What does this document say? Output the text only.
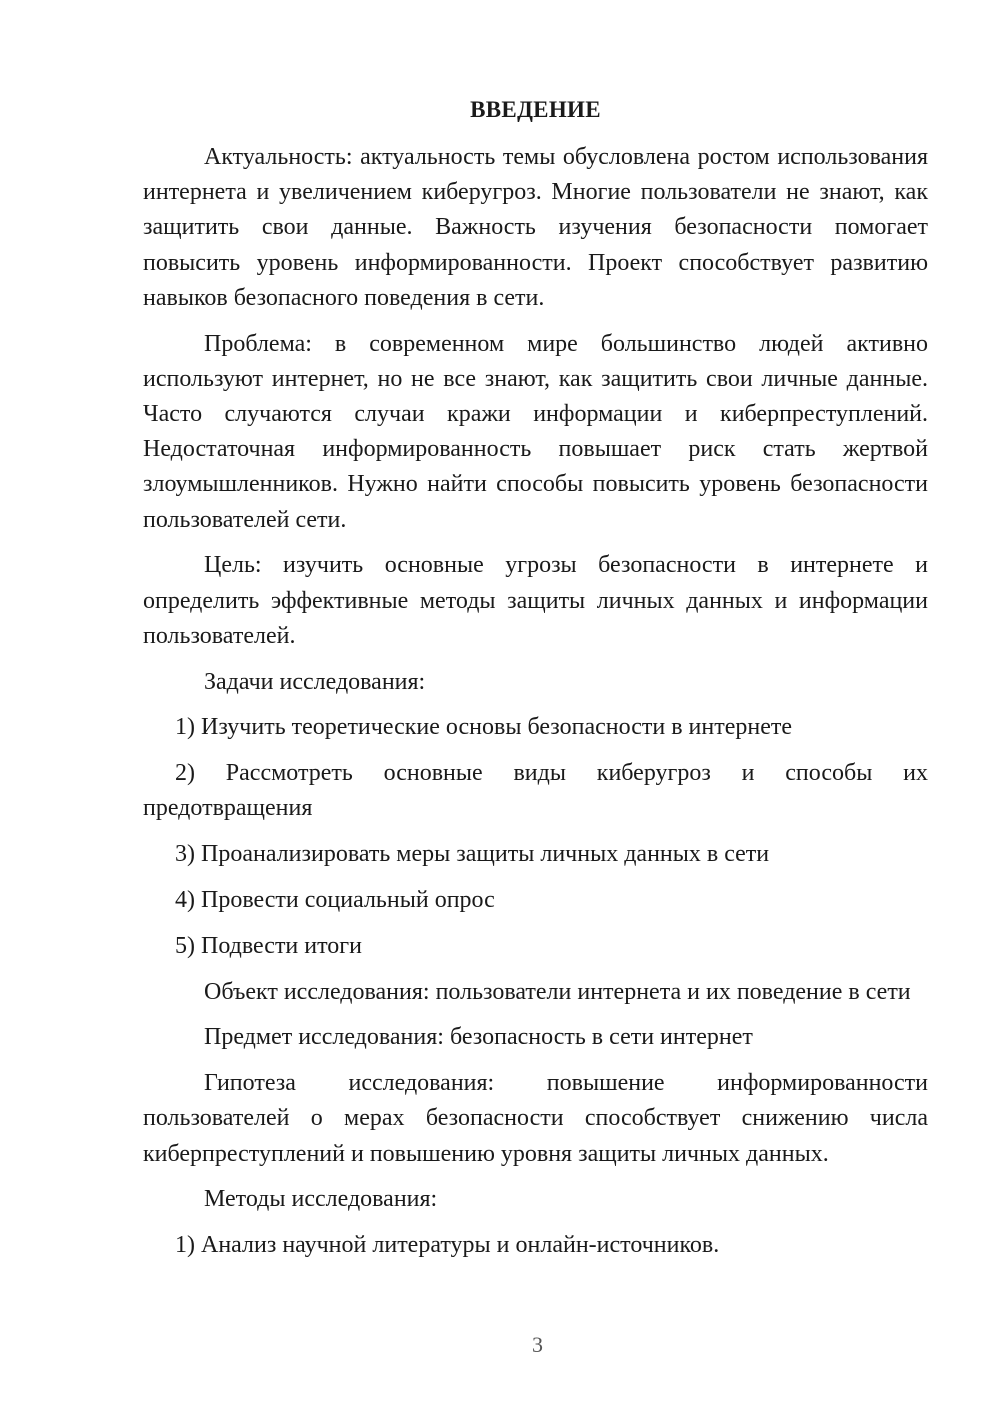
ВВЕДЕНИЕ

Актуальность: актуальность темы обусловлена ростом использования интернета и увеличением киберугроз. Многие пользователи не знают, как защитить свои данные. Важность изучения безопасности помогает повысить уровень информированности. Проект способствует развитию навыков безопасного поведения в сети.

Проблема: в современном мире большинство людей активно используют интернет, но не все знают, как защитить свои личные данные. Часто случаются случаи кражи информации и киберпреступлений. Недостаточная информированность повышает риск стать жертвой злоумышленников. Нужно найти способы повысить уровень безопасности пользователей сети.

Цель: изучить основные угрозы безопасности в интернете и определить эффективные методы защиты личных данных и информации пользователей.

Задачи исследования:

1) Изучить теоретические основы безопасности в интернете

2) Рассмотреть основные виды киберугроз и способы их предотвращения

3) Проанализировать меры защиты личных данных в сети

4) Провести социальный опрос

5) Подвести итоги

Объект исследования: пользователи интернета и их поведение в сети

Предмет исследования: безопасность в сети интернет

Гипотеза исследования: повышение информированности пользователей о мерах безопасности способствует снижению числа киберпреступлений и повышению уровня защиты личных данных.

Методы исследования:

1) Анализ научной литературы и онлайн-источников.

3
